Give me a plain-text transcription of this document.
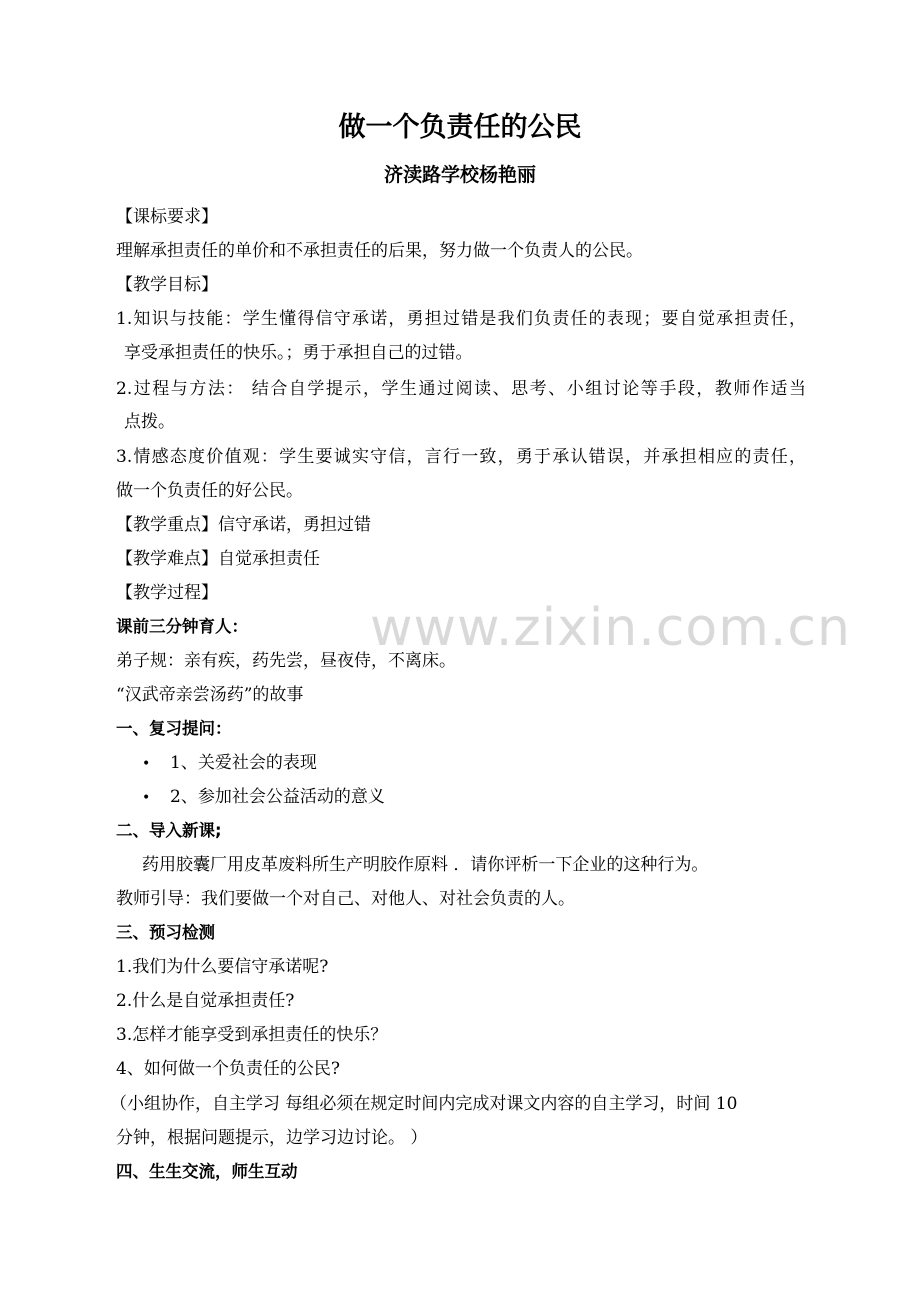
做一个负责任的公民
济渎路学校杨艳丽
【课标要求】
理解承担责任的单价和不承担责任的后果，努力做一个负责人的公民。
【教学目标】
1.知识与技能：学生懂得信守承诺，勇担过错是我们负责任的表现；要自觉承担责任，
享受承担责任的快乐。；勇于承担自己的过错。
2.过程与方法： 结合自学提示，学生通过阅读、思考、小组讨论等手段，教师作适当
点拨。
3.情感态度价值观：学生要诚实守信，言行一致，勇于承认错误，并承担相应的责任，
做一个负责任的好公民。
【教学重点】信守承诺，勇担过错
【教学难点】自觉承担责任
【教学过程】
课前三分钟育人：
弟子规：亲有疾，药先尝，昼夜侍，不离床。
“汉武帝亲尝汤药”的故事
一、复习提问：
• 1、关爱社会的表现
• 2、参加社会公益活动的意义
二、导入新课;
药用胶囊厂用皮革废料所生产明胶作原料 ．请你评析一下企业的这种行为。
教师引导：我们要做一个对自己、对他人、对社会负责的人。
三、预习检测
1.我们为什么要信守承诺呢?
2.什么是自觉承担责任?
3.怎样才能享受到承担责任的快乐？
4、如何做一个负责任的公民?
（小组协作，自主学习 每组必须在规定时间内完成对课文内容的自主学习，时间 10
分钟，根据问题提示，边学习边讨论。 ）
四、生生交流，师生互动
www.zixin.com.cn
